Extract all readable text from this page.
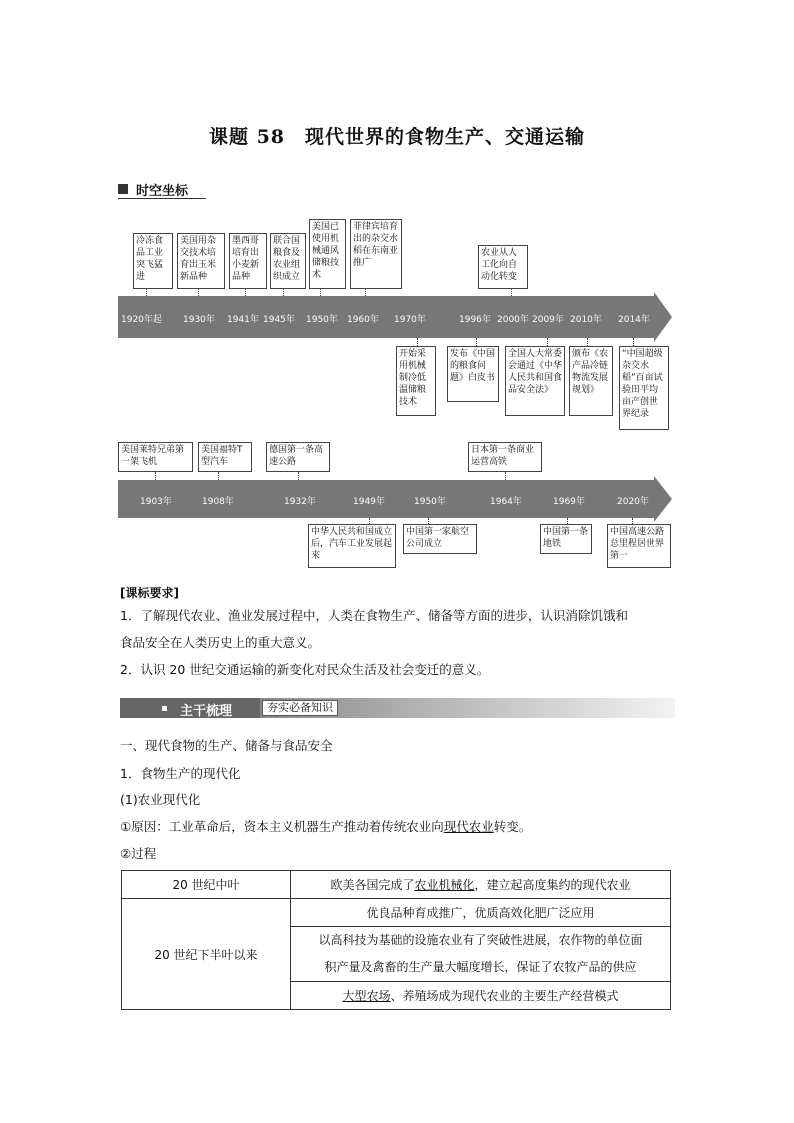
课题 58　现代世界的食物生产、交通运输
时空坐标
1920年起 1930年 1941年 1945年 1950年 1960年 1970年	1996年 2000年 2009年 2010年 2014年
冷冻食品工业突飞猛进
美国用杂交技术培育出玉米新品种
墨西哥培育出小麦新品种
联合国粮食及农业组织成立
美国已使用机械通风储粮技术
菲律宾培育出的杂交水稻在东南亚推广
农业从人工化向自动化转变
开始采用机械制冷低温储粮技术
发布《中国的粮食问题》白皮书
全国人大常委会通过《中华人民共和国食品安全法》
颁布《农产品冷链物流发展规划》
“中国超级杂交水稻”百亩试验田平均亩产创世界纪录
1903年	1908年	1932年	1949年	1950年	1964年	1969年	2020年
美国莱特兄弟第一架飞机
美国福特T型汽车
德国第一条高速公路
日本第一条商业运营高铁
中华人民共和国成立后，汽车工业发展起来
中国第一家航空公司成立
中国第一条地铁
中国高速公路总里程居世界第一
[课标要求]
1．了解现代农业、渔业发展过程中，人类在食物生产、储备等方面的进步，认识消除饥饿和
食品安全在人类历史上的重大意义。
2．认识 20 世纪交通运输的新变化对民众生活及社会变迁的意义。
主干梳理	夯实必备知识
一、现代食物的生产、储备与食品安全
1．食物生产的现代化
(1)农业现代化
①原因：工业革命后，资本主义机器生产推动着传统农业向现代农业转变。
②过程
20 世纪中叶	欧美各国完成了农业机械化，建立起高度集约的现代农业
20 世纪下半叶以来	优良品种育成推广，优质高效化肥广泛应用

	以高科技为基础的设施农业有了突破性进展，农作物的单位面
积产量及禽畜的生产量大幅度增长，保证了农牧产品的供应

	大型农场、养殖场成为现代农业的主要生产经营模式
